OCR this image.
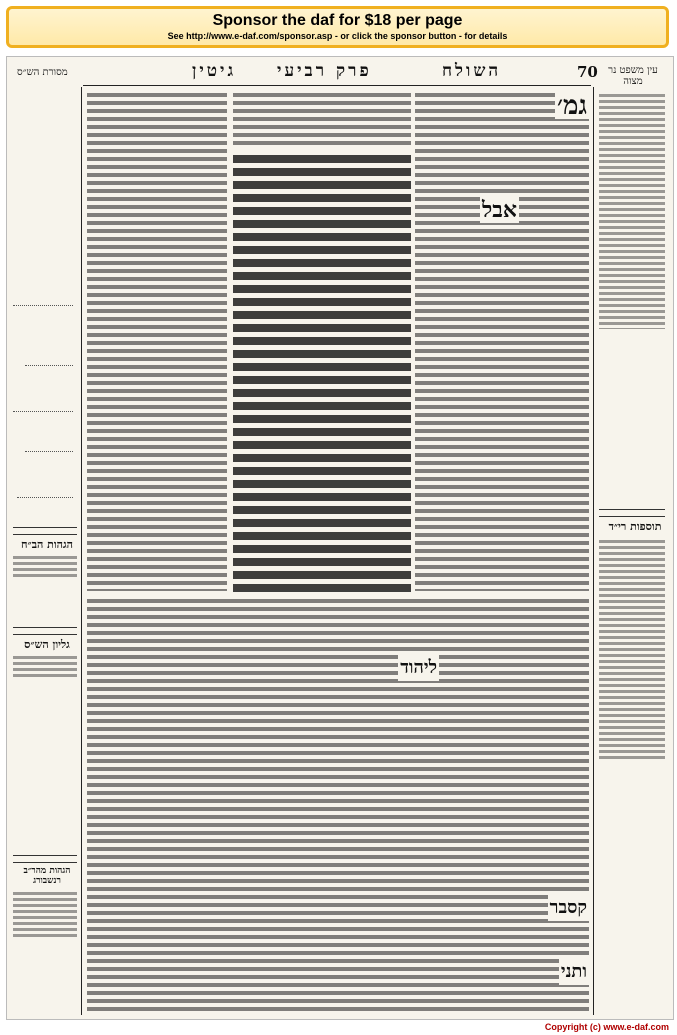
Sponsor the daf for $18 per page
See http://www.e-daf.com/sponsor.asp - or click the sponsor button - for details
70
השולח
פרק רביעי
גיטין
מסורת הש״ס	עין משפט נר מצוה
גמ׳
אבל
ליהוד
קסבר
ותני
תוספות רי״ד
הגהות הב״ח
גליון הש״ס
הגהות מהר״ב רנשבורג
Copyright (c) www.e-daf.com
